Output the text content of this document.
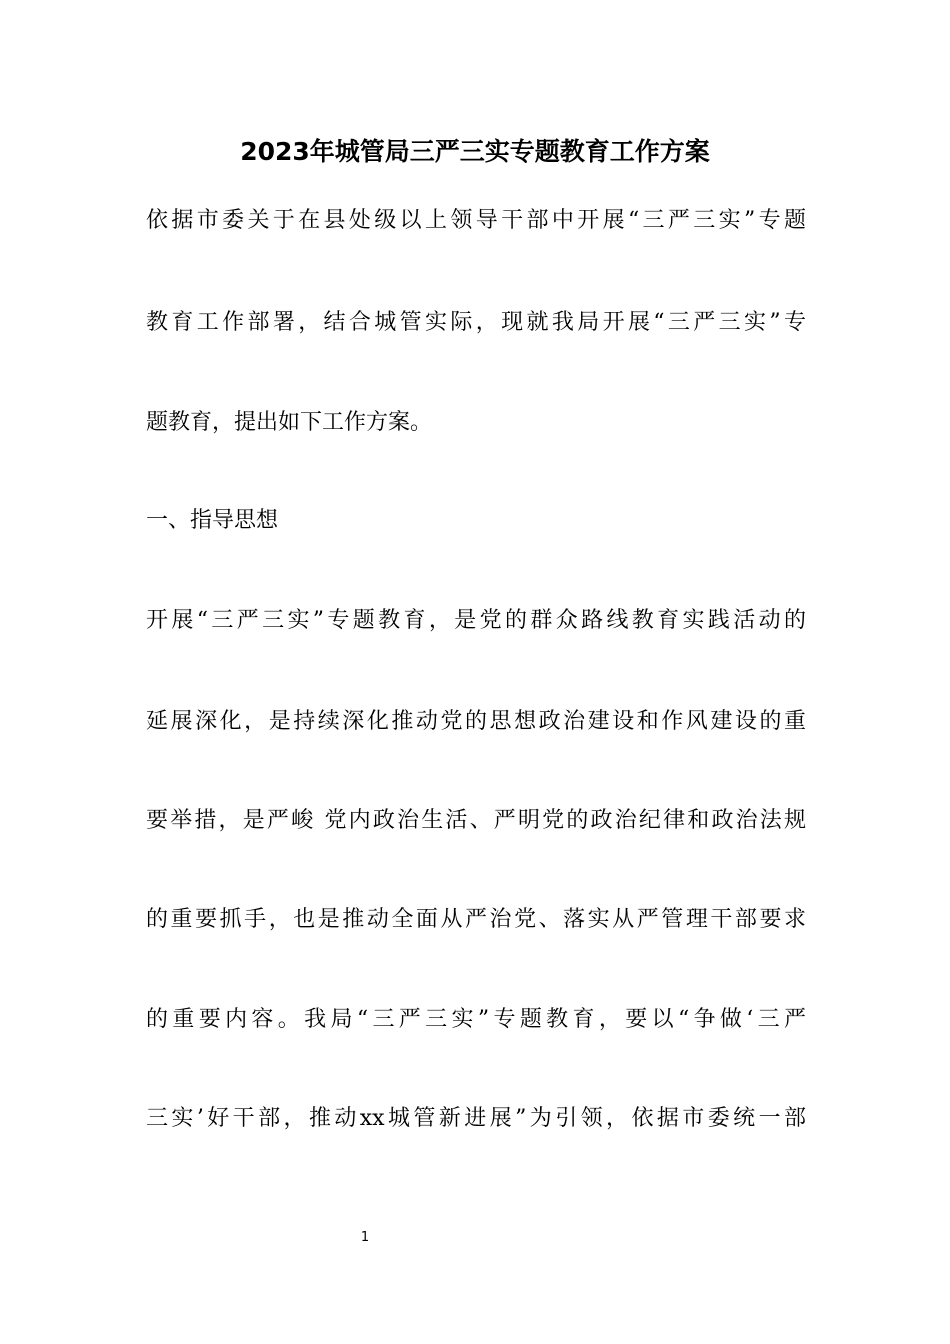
2023年城管局三严三实专题教育工作方案
依据市委关于在县处级以上领导干部中开展“三严三实”专题
教育工作部署，结合城管实际，现就我局开展“三严三实”专
题教育，提出如下工作方案。
一、指导思想
开展“三严三实”专题教育，是党的群众路线教育实践活动的
延展深化，是持续深化推动党的思想政治建设和作风建设的重
要举措，是严峻 党内政治生活、严明党的政治纪律和政治法规
的重要抓手，也是推动全面从严治党、落实从严管理干部要求
的重要内容。我局“三严三实”专题教育，要以“争做‘三严
三实’好干部，推动xx城管新进展”为引领，依据市委统一部
1
